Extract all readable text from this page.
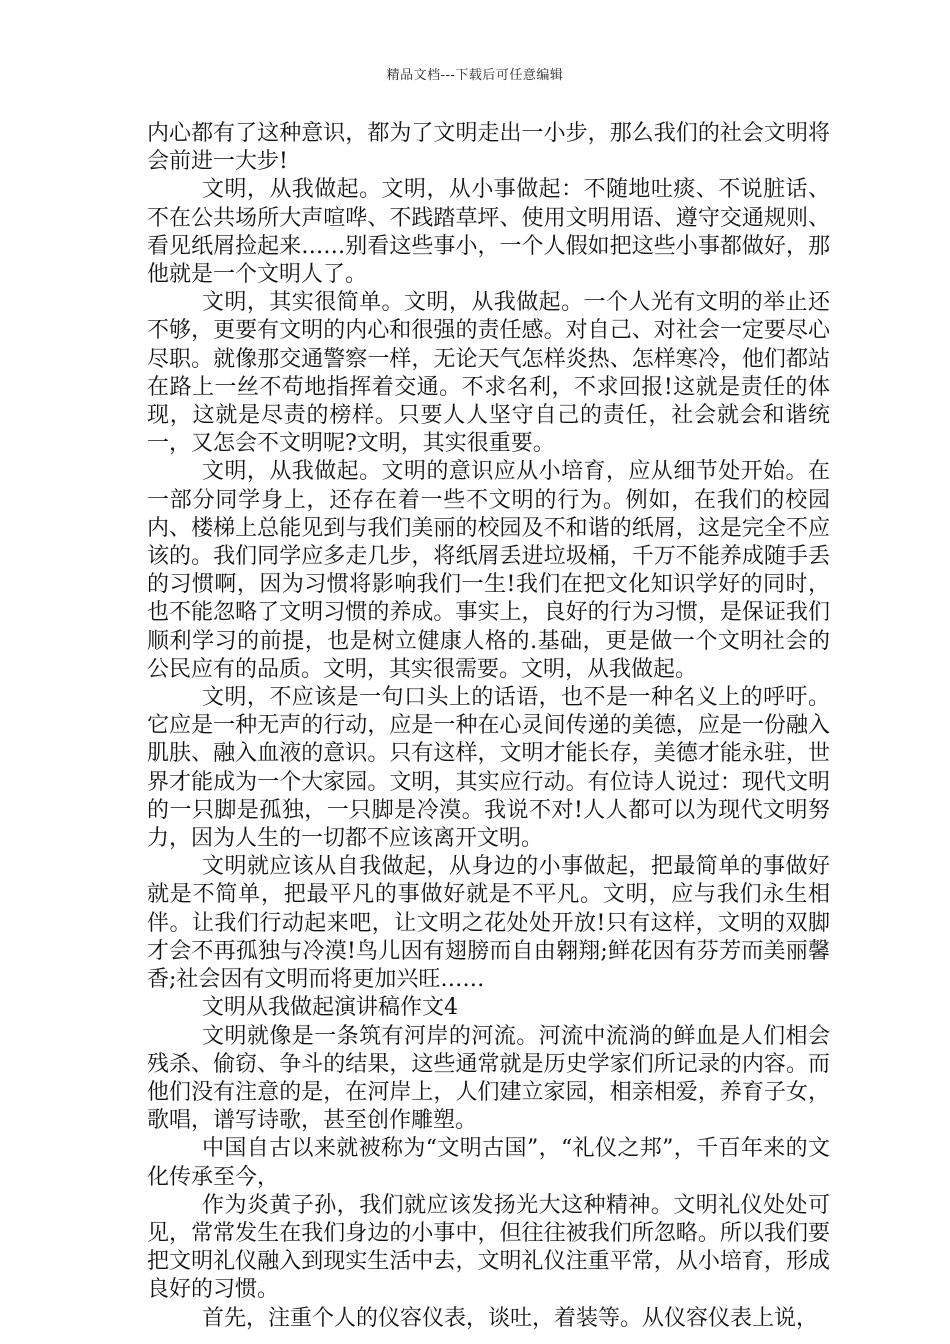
精品文档---下载后可任意编辑

内心都有了这种意识，都为了文明走出一小步，那么我们的社会文明将会前进一大步!

文明，从我做起。文明，从小事做起：不随地吐痰、不说脏话、不在公共场所大声喧哗、不践踏草坪、使用文明用语、遵守交通规则、看见纸屑捡起来……别看这些事小，一个人假如把这些小事都做好，那他就是一个文明人了。

文明，其实很简单。文明，从我做起。一个人光有文明的举止还不够，更要有文明的内心和很强的责任感。对自己、对社会一定要尽心尽职。就像那交通警察一样，无论天气怎样炎热、怎样寒冷，他们都站在路上一丝不苟地指挥着交通。不求名利，不求回报!这就是责任的体现，这就是尽责的榜样。只要人人坚守自己的责任，社会就会和谐统一，又怎会不文明呢?文明，其实很重要。

文明，从我做起。文明的意识应从小培育，应从细节处开始。在一部分同学身上，还存在着一些不文明的行为。例如，在我们的校园内、楼梯上总能见到与我们美丽的校园及不和谐的纸屑，这是完全不应该的。我们同学应多走几步，将纸屑丢进垃圾桶，千万不能养成随手丢的习惯啊，因为习惯将影响我们一生!我们在把文化知识学好的同时，也不能忽略了文明习惯的养成。事实上，良好的行为习惯，是保证我们顺利学习的前提，也是树立健康人格的.基础，更是做一个文明社会的公民应有的品质。文明，其实很需要。文明，从我做起。

文明，不应该是一句口头上的话语，也不是一种名义上的呼吁。它应是一种无声的行动，应是一种在心灵间传递的美德，应是一份融入肌肤、融入血液的意识。只有这样，文明才能长存，美德才能永驻，世界才能成为一个大家园。文明，其实应行动。有位诗人说过：现代文明的一只脚是孤独，一只脚是冷漠。我说不对!人人都可以为现代文明努力，因为人生的一切都不应该离开文明。

文明就应该从自我做起，从身边的小事做起，把最简单的事做好就是不简单，把最平凡的事做好就是不平凡。文明，应与我们永生相伴。让我们行动起来吧，让文明之花处处开放!只有这样，文明的双脚才会不再孤独与冷漠!鸟儿因有翅膀而自由翱翔;鲜花因有芬芳而美丽馨香;社会因有文明而将更加兴旺……

文明从我做起演讲稿作文4

文明就像是一条筑有河岸的河流。河流中流淌的鲜血是人们相会残杀、偷窃、争斗的结果，这些通常就是历史学家们所记录的内容。而他们没有注意的是，在河岸上，人们建立家园，相亲相爱，养育子女，歌唱，谱写诗歌，甚至创作雕塑。

中国自古以来就被称为“文明古国”，“礼仪之邦”，千百年来的文化传承至今，

作为炎黄子孙，我们就应该发扬光大这种精神。文明礼仪处处可见，常常发生在我们身边的小事中，但往往被我们所忽略。所以我们要把文明礼仪融入到现实生活中去，文明礼仪注重平常，从小培育，形成良好的习惯。

首先，注重个人的仪容仪表，谈吐，着装等。从仪容仪表上说，
